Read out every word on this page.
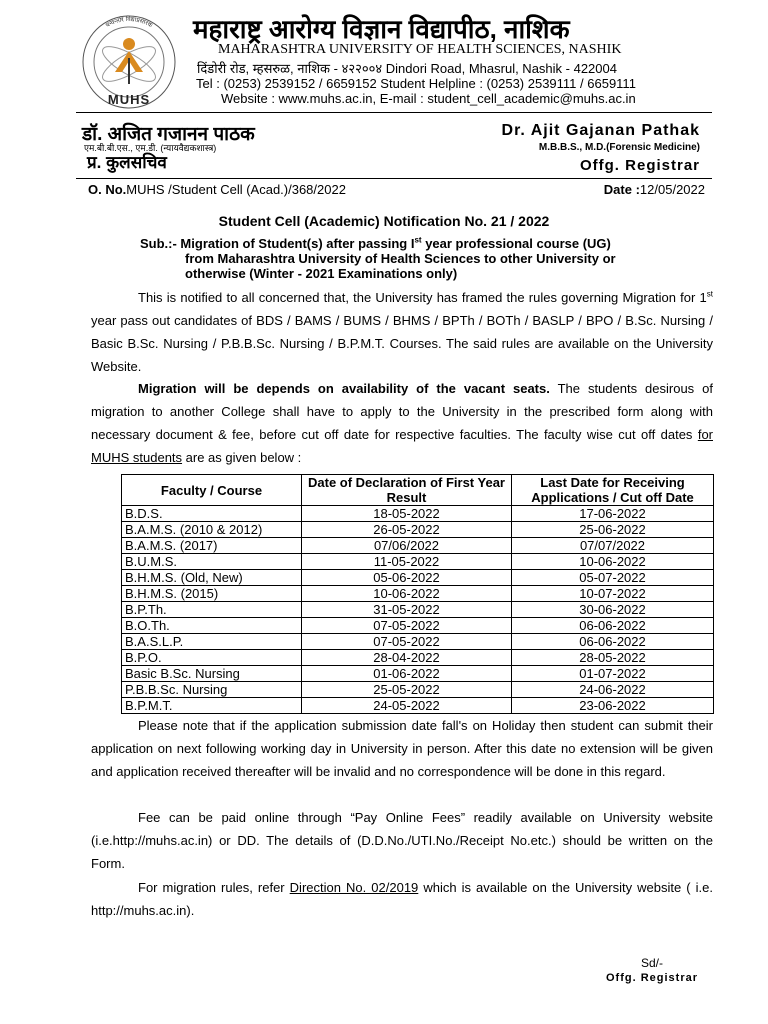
धन्वन्तरि विद्याप्रसारक
MUHS
महाराष्ट्र आरोग्य विज्ञान विद्यापीठ, नाशिक
MAHARASHTRA UNIVERSITY OF HEALTH SCIENCES, NASHIK
दिंडोरी रोड, म्हसरुळ, नाशिक - ४२२००४ Dindori Road, Mhasrul, Nashik - 422004
Tel : (0253) 2539152 / 6659152 Student Helpline : (0253) 2539111 / 6659111
Website : www.muhs.ac.in, E-mail : student_cell_academic@muhs.ac.in
डॉ. अजित गजानन पाठक
एम.बी.बी.एस., एम.डी. (न्यायवैद्यकशास्त्र)
प्र. कुलसचिव
Dr. Ajit Gajanan Pathak
M.B.B.S., M.D.(Forensic Medicine)
Offg. Registrar
O. No.MUHS /Student Cell (Acad.)/368/2022	Date :12/05/2022
Student Cell (Academic) Notification No. 21 / 2022
Sub.:- Migration of Student(s) after passing Ist year professional course (UG)
from Maharashtra University of Health Sciences to other University or
otherwise (Winter - 2021 Examinations only)
This is notified to all concerned that, the University has framed the rules governing Migration for 1st year pass out candidates of BDS / BAMS / BUMS / BHMS / BPTh / BOTh / BASLP / BPO / B.Sc. Nursing / Basic B.Sc. Nursing / P.B.B.Sc. Nursing / B.P.M.T. Courses. The said rules are available on the University Website.
Migration will be depends on availability of the vacant seats. The students desirous of migration to another College shall have to apply to the University in the prescribed form along with necessary document & fee, before cut off date for respective faculties. The faculty wise cut off dates for MUHS students are as given below :
Faculty / Course	Date of Declaration of First Year Result	Last Date for Receiving Applications / Cut off Date
B.D.S.	18-05-2022	17-06-2022
B.A.M.S. (2010 & 2012)	26-05-2022	25-06-2022
B.A.M.S. (2017)	07/06/2022	07/07/2022
B.U.M.S.	11-05-2022	10-06-2022
B.H.M.S. (Old, New)	05-06-2022	05-07-2022
B.H.M.S. (2015)	10-06-2022	10-07-2022
B.P.Th.	31-05-2022	30-06-2022
B.O.Th.	07-05-2022	06-06-2022
B.A.S.L.P.	07-05-2022	06-06-2022
B.P.O.	28-04-2022	28-05-2022
Basic B.Sc. Nursing	01-06-2022	01-07-2022
P.B.B.Sc. Nursing	25-05-2022	24-06-2022
B.P.M.T.	24-05-2022	23-06-2022
Please note that if the application submission date fall's on Holiday then student can submit their application on next following working day in University in person. After this date no extension will be given and application received thereafter will be invalid and no correspondence will be done in this regard.
Fee can be paid online through “Pay Online Fees” readily available on University website (i.e.http://muhs.ac.in) or DD. The details of (D.D.No./UTI.No./Receipt No.etc.) should be written on the Form.
For migration rules, refer Direction No. 02/2019 which is available on the University website ( i.e. http://muhs.ac.in).
Sd/-
Offg. Registrar
